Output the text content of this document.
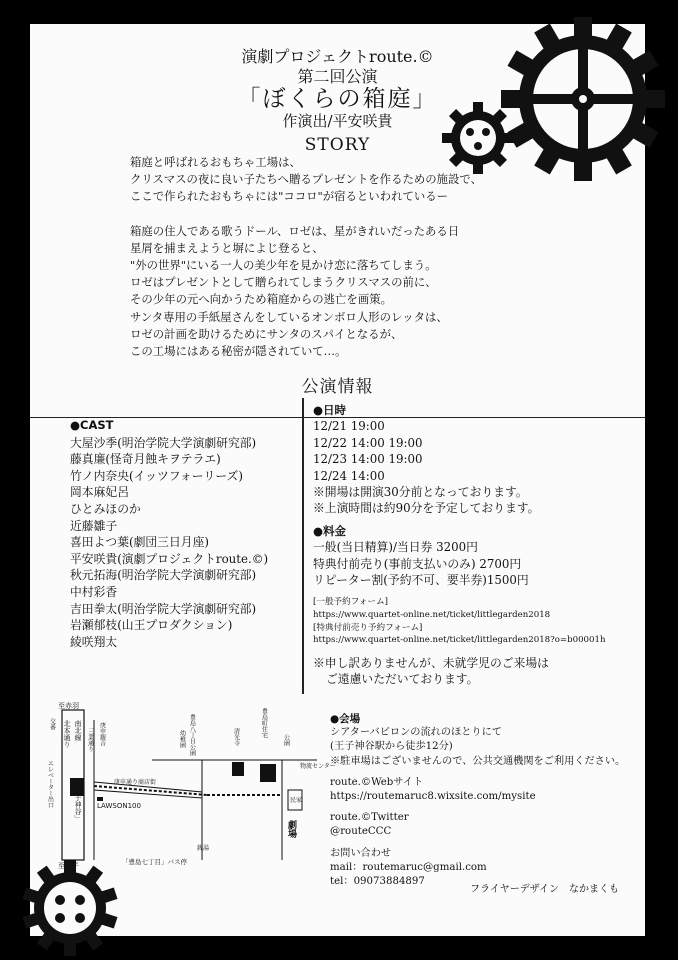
演劇プロジェクトroute.©
第二回公演
「ぼくらの箱庭」
作演出/平安咲貴
STORY
箱庭と呼ばれるおもちゃ工場は、
クリスマスの夜に良い子たちへ贈るプレゼントを作るための施設で、
ここで作られたおもちゃには"ココロ"が宿るといわれているー
箱庭の住人である歌うドール、ロゼは、星がきれいだったある日
星屑を捕まえようと塀によじ登ると、
"外の世界"にいる一人の美少年を見かけ恋に落ちてしまう。
ロゼはプレゼントとして贈られてしまうクリスマスの前に、
その少年の元へ向かうため箱庭からの逃亡を画策。
サンタ専用の手紙屋さんをしているオンボロ人形のレッタは、
ロゼの計画を助けるためにサンタのスパイとなるが、
この工場にはある秘密が隠されていて…。
公演情報
●CAST
大屋沙季(明治学院大学演劇研究部)
藤真廉(怪奇月蝕キヲテラエ)
竹ノ内奈央(イッツフォーリーズ)
岡本麻妃呂
ひとみほのか
近藤雛子
喜田よつ葉(劇団三日月座)
平安咲貴(演劇プロジェクトroute.©)
秋元拓海(明治学院大学演劇研究部)
中村彩香
吉田拳太(明治学院大学演劇研究部)
岩瀬郁枝(山王プロダクション)
綾咲翔太
●日時
12/21 19:00
12/22 14:00 19:00
12/23 14:00 19:00
12/24 14:00
※開場は開演30分前となっております。
※上演時間は約90分を予定しております。
●料金
一般(当日精算)/当日券 3200円
特典付前売り(事前支払いのみ) 2700円
リピーター割(予約不可、要半券)1500円
[一般予約フォーム]
https://www.quartet-online.net/ticket/littlegarden2018
[特典付前売り予約フォーム]
https://www.quartet-online.net/ticket/littlegarden2018?o=b00001h
※申し訳ありませんが、未就学児のご来場は
ご遠慮いただいております。
至赤羽
至王子
北本通り 南北線
「王子神谷」
交番
エレベーター出口
三業通り 庚申観音
庚申通り商店街
LAWSON100
豊島八丁目公園
幼稚園	清光寺	豊島町住宅
公園
物流センター
民家
劇場
銭湯
「豊島七丁目」バス停
●会場
シアターバビロンの流れのほとりにて
(王子神谷駅から徒歩12分)
※駐車場はございませんので、公共交通機関をご利用ください。
route.©Webサイト
https://routemaruc8.wixsite.com/mysite
route.©Twitter
@routeCCC
お問い合わせ
mail：routemaruc@gmail.com
tel：09073884897
フライヤーデザイン　なかまくも
